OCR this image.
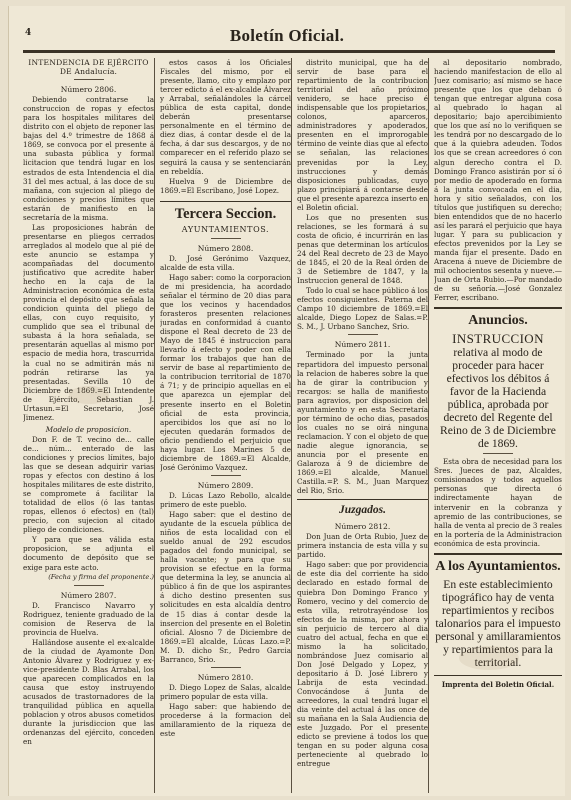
4	Boletín Oficial.

INTENDENCIA DE EJÉRCITO DE Andalucía.

Número 2806.

Debiendo contratarse la construccion de ropas y efectos para los hospitales militares del distrito con el objeto de reponer las bajas del 4.º trimestre de 1868 á 1869, se convoca por el presente á una subasta pública y formal licitacion que tendrá lugar en los estrados de esta Intendencia el dia 31 del mes actual, á las doce de su mañana, con sujecion al pliego de condiciones y precios límites que estarán de manifiesto en la secretaría de la misma.

Las proposiciones habrán de presentarse en pliegos cerrados arreglados al modelo que al pié de este anuncio se estampa y acompañadas del documento justificativo que acredite haber hecho en la caja de la Administracion económica de esta provincia el depósito que señala la condicion quinta del pliego de ellas, con cuyo requisito, y cumplido que sea el tribunal de subasta á la hora señalada, se presentarán aquellas al mismo por espacio de media hora, trascurrida la cual no se admitirán más ni podrán retirarse las ya presentadas. Sevilla 10 de Diciembre de 1869.=El Intendente de Ejército, Sebastian J. Urtasun.=El Secretario, José Jimenez.

Modelo de proposicion.

Don F. de T. vecino de... calle de... núm... enterado de las condiciones y precios límites, bajo las que se desean adquirir varias ropas y efectos con destino á los hospitales militares de este distrito, se compromete á facilitar la totalidad de ellos (ó las tantas ropas, ellenos ó efectos) en (tal) precio, con sujecion al citado pliego de condiciones.

Y para que sea válida esta proposicion, se adjunta el documento de depósito que se exige para este acto.

(Fecha y firma del proponente.)

Número 2807.

D. Francisco Navarro y Rodriguez, teniente graduado de la comision de Reserva de la provincia de Huelva.

Hallándose ausente el ex-alcalde de la ciudad de Ayamonte Don Antonio Álvarez y Rodriguez y ex-vice-presidente D. Blas Arrabal, los que aparecen complicados en la causa que estoy instruyendo acusados de trastornadores de la tranquilidad pública en aquella poblacion y otros abusos cometidos durante la jurisdiccion que las ordenanzas del ejército, conceden en

estos casos á los Oficiales Fiscales del mismo, por el presente, llamo, cito y emplazo por tercer edicto á el ex-alcalde Álvarez y Arrabal, señalándoles la cárcel pública de esta capital, donde deberán presentarse personalmente en el término de diez dias, á contar desde el de la fecha, á dar sus descargos, y de no comparecer en el referido plazo se seguirá la causa y se sentenciarán en rebeldía.

Huelva 9 de Diciembre de 1869.=El Escribano, José Lopez.

Tercera Seccion.
AYUNTAMIENTOS.

Número 2808.

D. José Gerónimo Vazquez, alcalde de esta villa.

Hago saber: como la corporacion de mi presidencia, ha acordado señalar el término de 20 dias para que los vecinos y hacendados forasteros presenten relaciones juradas en conformidad á cuanto dispone el Real decreto de 23 de Mayo de 1845 é instruccion para llevarlo á efecto y poder con ella formar los trabajos que han de servir de base al repartimiento de la contribucion territorial de 1870 á 71; y de principio aquellas en el que aparezca un ejemplar del presente inserto en el Boletin oficial de esta provincia, apercibidos los que así no lo ejecuten quedarán formados de oficio pendiendo el perjuicio que haya lugar. Los Marines 5 de diciembre de 1869.=El Alcalde, José Gerónimo Vazquez.

Número 2809.

D. Lúcas Lazo Rebollo, alcalde primero de este pueblo.

Hago saber: que el destino de ayudante de la escuela pública de niños de esta localidad con el sueldo anual de 292 escudos pagados del fondo municipal, se halla vacante; y para que su provision se efectue en la forma que determina la ley, se anuncia al público á fin de que los aspirantes á dicho destino presenten sus solicitudes en esta alcaldía dentro de 15 dias á contar desde la insercion del presente en el Boletin oficial. Alosno 7 de Diciembre de 1869.=El alcalde, Lúcas Lazo.=P. M. D. dicho Sr., Pedro Garcia Barranco, Srio.

Número 2810.

D. Diego Lopez de Salas, alcalde primero popular de esta villa.

Hago saber: que habiendo de procederse á la formacion del amillaramiento de la riqueza de este

distrito municipal, que ha de servir de base para el repartimiento de la contribucion territorial del año próximo venidero, se hace preciso é indispensable que los propietarios, colonos, aparceros, administradores y apoderados, presenten en el improrogable término de veinte dias que al efecto se señalan, las relaciones prevenidas por la Ley, instrucciones y demás disposiciones publicadas, cuyo plazo principiará á contarse desde que el presente aparezca inserto en el Boletin oficial.

Los que no presenten sus relaciones, se les formará á su costa de oficio, é incurrirán en las penas que determinan los artículos 24 del Real decreto de 23 de Mayo de 1845, el 20 de la Real órden de 3 de Setiembre de 1847, y la Instruccion general de 1848.

Todo lo cual se hace público á los efectos consiguientes. Paterna del Campo 10 diciembre de 1869.=El alcalde, Diego Lopez de Salas.=P. S. M., J. Urbano Sanchez, Srio.

Número 2811.

Terminado por la junta repartidora del impuesto personal la relacion de haberes sobre la que ha de girar la contribucion y recargos: se halla de manifiesto para agravios, por disposicion del ayuntamiento y en esta Secretaría por término de ocho dias, pasados los cuales no se oirá ninguna reclamacion. Y con el objeto de que nadie alegue ignorancia, se anuncia por el presente en Galaroza á 9 de diciembre de 1869.=El alcalde, Manuel Castilla.=P. S. M., Juan Marquez del Rio, Srio.

Juzgados.

Número 2812.

Don Juan de Orta Rubio, Juez de primera instancia de esta villa y su partido.

Hago saber: que por providencia de este dia del corriente ha sido declarado en estado formal de quiebra Don Domingo Franco y Romero, vecino y del comercio de esta villa, retrotrayéndose los efectos de la misma, por ahora y sin perjuicio de tercero al dia cuatro del actual, fecha en que el mismo la ha solicitado, nombrándose Juez comisario al Don José Delgado y Lopez, y depositario á D. José Librero y Labrija de esta vecindad. Convocándose á Junta de acreedores, la cual tendrá lugar el dia veinte del actual á las once de su mañana en la Sala Audiencia de este Juzgado. Por el presente edicto se previene á todos los que tengan en su poder alguna cosa perteneciente al quebrado lo entregue

al depositario nombrado, haciendo manifestacion de ello al Juez comisario; así mismo se hace presente que los que deban ó tengan que entregar alguna cosa al quebrado lo hagan al depositario; bajo apercibimiento que los que así no lo verifiquen se les tendrá por no descargado de lo que á la quiebra adeuden. Todos los que se crean acreedores ó con algun derecho contra el D. Domingo Franco asistirán por sí ó por medio de apoderado en forma á la junta convocada en el dia, hora y sitio señalados, con los títulos que justifiquen su derecho; bien entendidos que de no hacerlo así les parará el perjuicio que haya lugar. Y para su publicacion y efectos prevenidos por la Ley se manda fijar el presente. Dado en Aracena á nueve de Diciembre de mil ochocientos sesenta y nueve.—Juan de Orta Rubio.—Por mandado de su señoría.—José Gonzalez Ferrer, escribano.

Anuncios.

INSTRUCCION

relativa al modo de proceder para hacer efectivos los débitos á favor de la Hacienda pública, aprobada por decreto del Regente del Reino de 3 de Diciembre de 1869.

Esta obra de necesidad para los Sres. Jueces de paz, Alcaldes, comisionados y todos aquellos personas que directa ó indirectamente hayan de intervenir en la cobranza y apremio de las contribuciones, se halla de venta al precio de 3 reales en la portería de la Administracion económica de esta provincia.

A los Ayuntamientos.

En este establecimiento tipográfico hay de venta repartimientos y recibos talonarios para el impuesto personal y amillaramientos y repartimientos para la territorial.

Imprenta del Boletin Oficial.
